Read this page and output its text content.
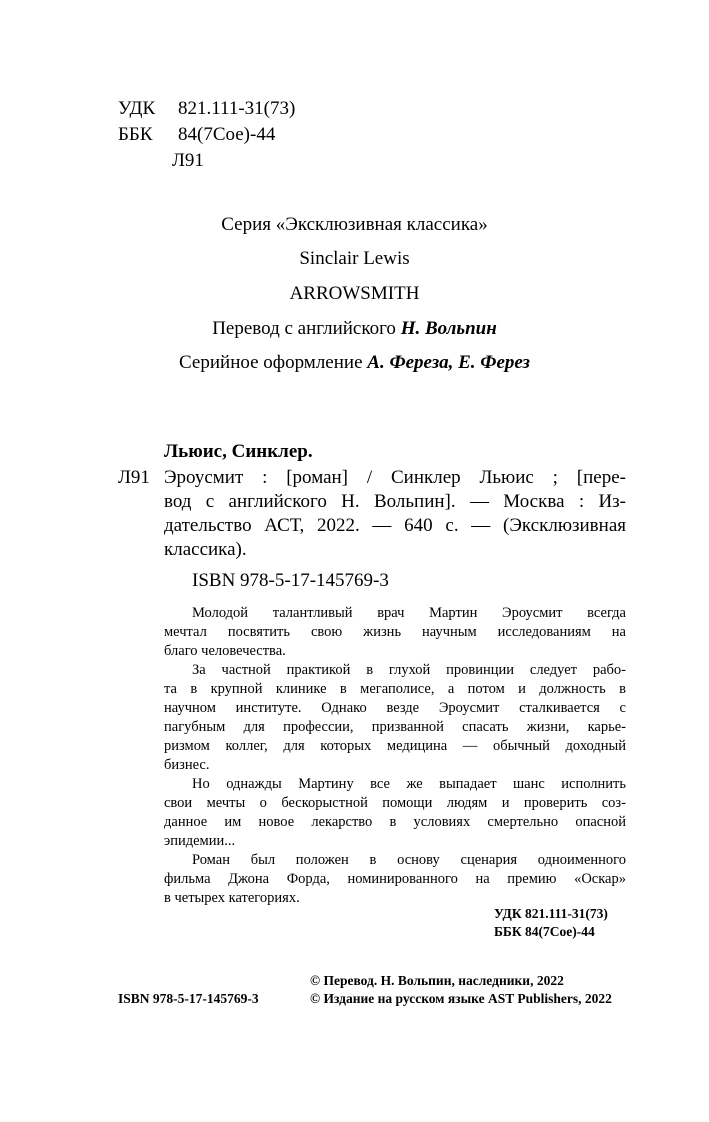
УДК 821.111-31(73)
ББК 84(7Сое)-44
Л91
Серия «Эксклюзивная классика»
Sinclair Lewis
ARROWSMITH
Перевод с английского Н. Вольпин
Серийное оформление А. Фереза, Е. Ферез
Льюис, Синклер.
Л91 Эроусмит : [роман] / Синклер Льюис ; [пере-
вод с английского Н. Вольпин]. — Москва : Из-
дательство АСТ, 2022. — 640 с. — (Эксклюзивная
классика).
ISBN 978-5-17-145769-3

Молодой талантливый врач Мартин Эроусмит всегда
мечтал посвятить свою жизнь научным исследованиям на
благо человечества.

За частной практикой в глухой провинции следует рабо-
та в крупной клинике в мегаполисе, а потом и должность в
научном институте. Однако везде Эроусмит сталкивается с
пагубным для профессии, призванной спасать жизни, карье-
ризмом коллег, для которых медицина — обычный доходный
бизнес.

Но однажды Мартину все же выпадает шанс исполнить
свои мечты о бескорыстной помощи людям и проверить соз-
данное им новое лекарство в условиях смертельно опасной
эпидемии...

Роман был положен в основу сценария одноименного
фильма Джона Форда, номинированного на премию «Оскар»
в четырех категориях.

УДК 821.111-31(73)
ББК 84(7Сое)-44
© Перевод. Н. Вольпин, наследники, 2022
ISBN 978-5-17-145769-3	© Издание на русском языке AST Publishers, 2022
